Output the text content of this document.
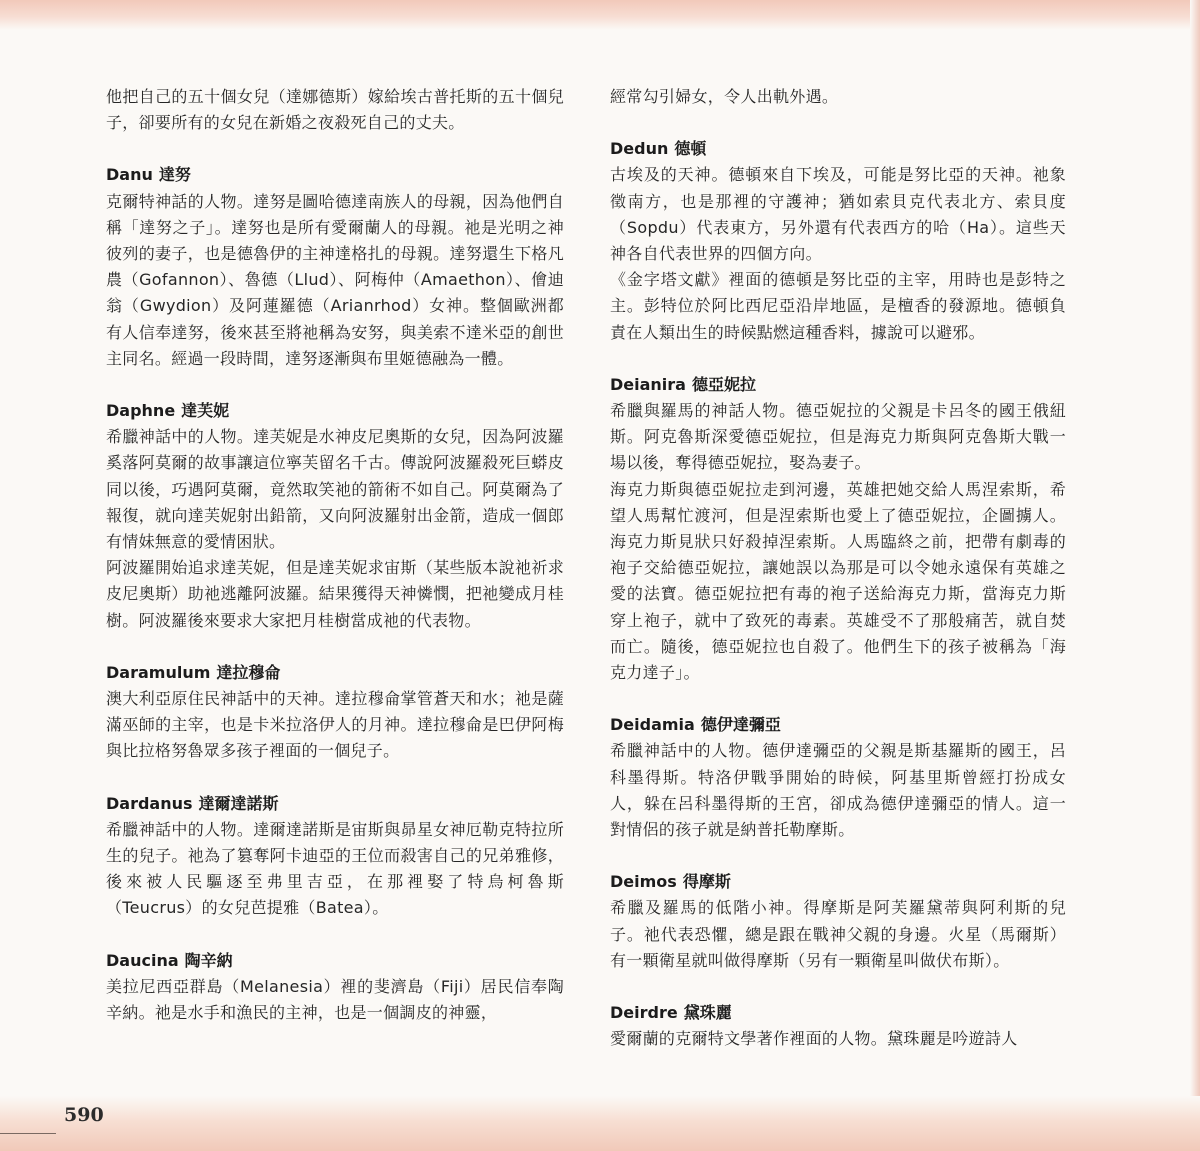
他把自己的五十個女兒（達娜德斯）嫁給埃古普托斯的五十個兒子，卻要所有的女兒在新婚之夜殺死自己的丈夫。

Danu 達努

克爾特神話的人物。達努是圖哈德達南族人的母親，因為他們自稱「達努之子」。達努也是所有愛爾蘭人的母親。祂是光明之神彼列的妻子，也是德魯伊的主神達格扎的母親。達努還生下格凡農（Gofannon）、魯德（Llud）、阿梅仲（Amaethon）、儈迪翁（Gwydion）及阿蓮羅德（Arianrhod）女神。整個歐洲都有人信奉達努，後來甚至將祂稱為安努，與美索不達米亞的創世主同名。經過一段時間，達努逐漸與布里姬德融為一體。

Daphne 達芙妮

希臘神話中的人物。達芙妮是水神皮尼奧斯的女兒，因為阿波羅奚落阿莫爾的故事讓這位寧芙留名千古。傳說阿波羅殺死巨蟒皮同以後，巧遇阿莫爾，竟然取笑祂的箭術不如自己。阿莫爾為了報復，就向達芙妮射出鉛箭，又向阿波羅射出金箭，造成一個郎有情妹無意的愛情困狀。

阿波羅開始追求達芙妮，但是達芙妮求宙斯（某些版本說祂祈求皮尼奧斯）助祂逃離阿波羅。結果獲得天神憐憫，把祂變成月桂樹。阿波羅後來要求大家把月桂樹當成祂的代表物。

Daramulum 達拉穆侖

澳大利亞原住民神話中的天神。達拉穆侖掌管蒼天和水；祂是薩滿巫師的主宰，也是卡米拉洛伊人的月神。達拉穆侖是巴伊阿梅與比拉格努魯眾多孩子裡面的一個兒子。

Dardanus 達爾達諾斯

希臘神話中的人物。達爾達諾斯是宙斯與昴星女神厄勒克特拉所生的兒子。祂為了篡奪阿卡迪亞的王位而殺害自己的兄弟雅修，後來被人民驅逐至弗里吉亞，在那裡娶了特烏柯魯斯（Teucrus）的女兒芭提雅（Batea）。

Daucina 陶辛納

美拉尼西亞群島（Melanesia）裡的斐濟島（Fiji）居民信奉陶辛納。祂是水手和漁民的主神，也是一個調皮的神靈，

經常勾引婦女，令人出軌外遇。

Dedun 德頓

古埃及的天神。德頓來自下埃及，可能是努比亞的天神。祂象徵南方，也是那裡的守護神；猶如索貝克代表北方、索貝度（Sopdu）代表東方，另外還有代表西方的哈（Ha）。這些天神各自代表世界的四個方向。

《金字塔文獻》裡面的德頓是努比亞的主宰，用時也是彭特之主。彭特位於阿比西尼亞沿岸地區，是檀香的發源地。德頓負責在人類出生的時候點燃這種香料，據說可以避邪。

Deianira 德亞妮拉

希臘與羅馬的神話人物。德亞妮拉的父親是卡呂冬的國王俄紐斯。阿克魯斯深愛德亞妮拉，但是海克力斯與阿克魯斯大戰一場以後，奪得德亞妮拉，娶為妻子。

海克力斯與德亞妮拉走到河邊，英雄把她交給人馬涅索斯，希望人馬幫忙渡河，但是涅索斯也愛上了德亞妮拉，企圖擄人。海克力斯見狀只好殺掉涅索斯。人馬臨終之前，把帶有劇毒的袍子交給德亞妮拉，讓她誤以為那是可以令她永遠保有英雄之愛的法寶。德亞妮拉把有毒的袍子送給海克力斯，當海克力斯穿上袍子，就中了致死的毒素。英雄受不了那般痛苦，就自焚而亡。隨後，德亞妮拉也自殺了。他們生下的孩子被稱為「海克力達子」。

Deidamia 德伊達彌亞

希臘神話中的人物。德伊達彌亞的父親是斯基羅斯的國王，呂科墨得斯。特洛伊戰爭開始的時候，阿基里斯曾經打扮成女人，躲在呂科墨得斯的王宮，卻成為德伊達彌亞的情人。這一對情侶的孩子就是納普托勒摩斯。

Deimos 得摩斯

希臘及羅馬的低階小神。得摩斯是阿芙羅黛蒂與阿利斯的兒子。祂代表恐懼，總是跟在戰神父親的身邊。火星（馬爾斯）有一顆衛星就叫做得摩斯（另有一顆衛星叫做伏布斯）。

Deirdre 黛珠麗

愛爾蘭的克爾特文學著作裡面的人物。黛珠麗是吟遊詩人

590
